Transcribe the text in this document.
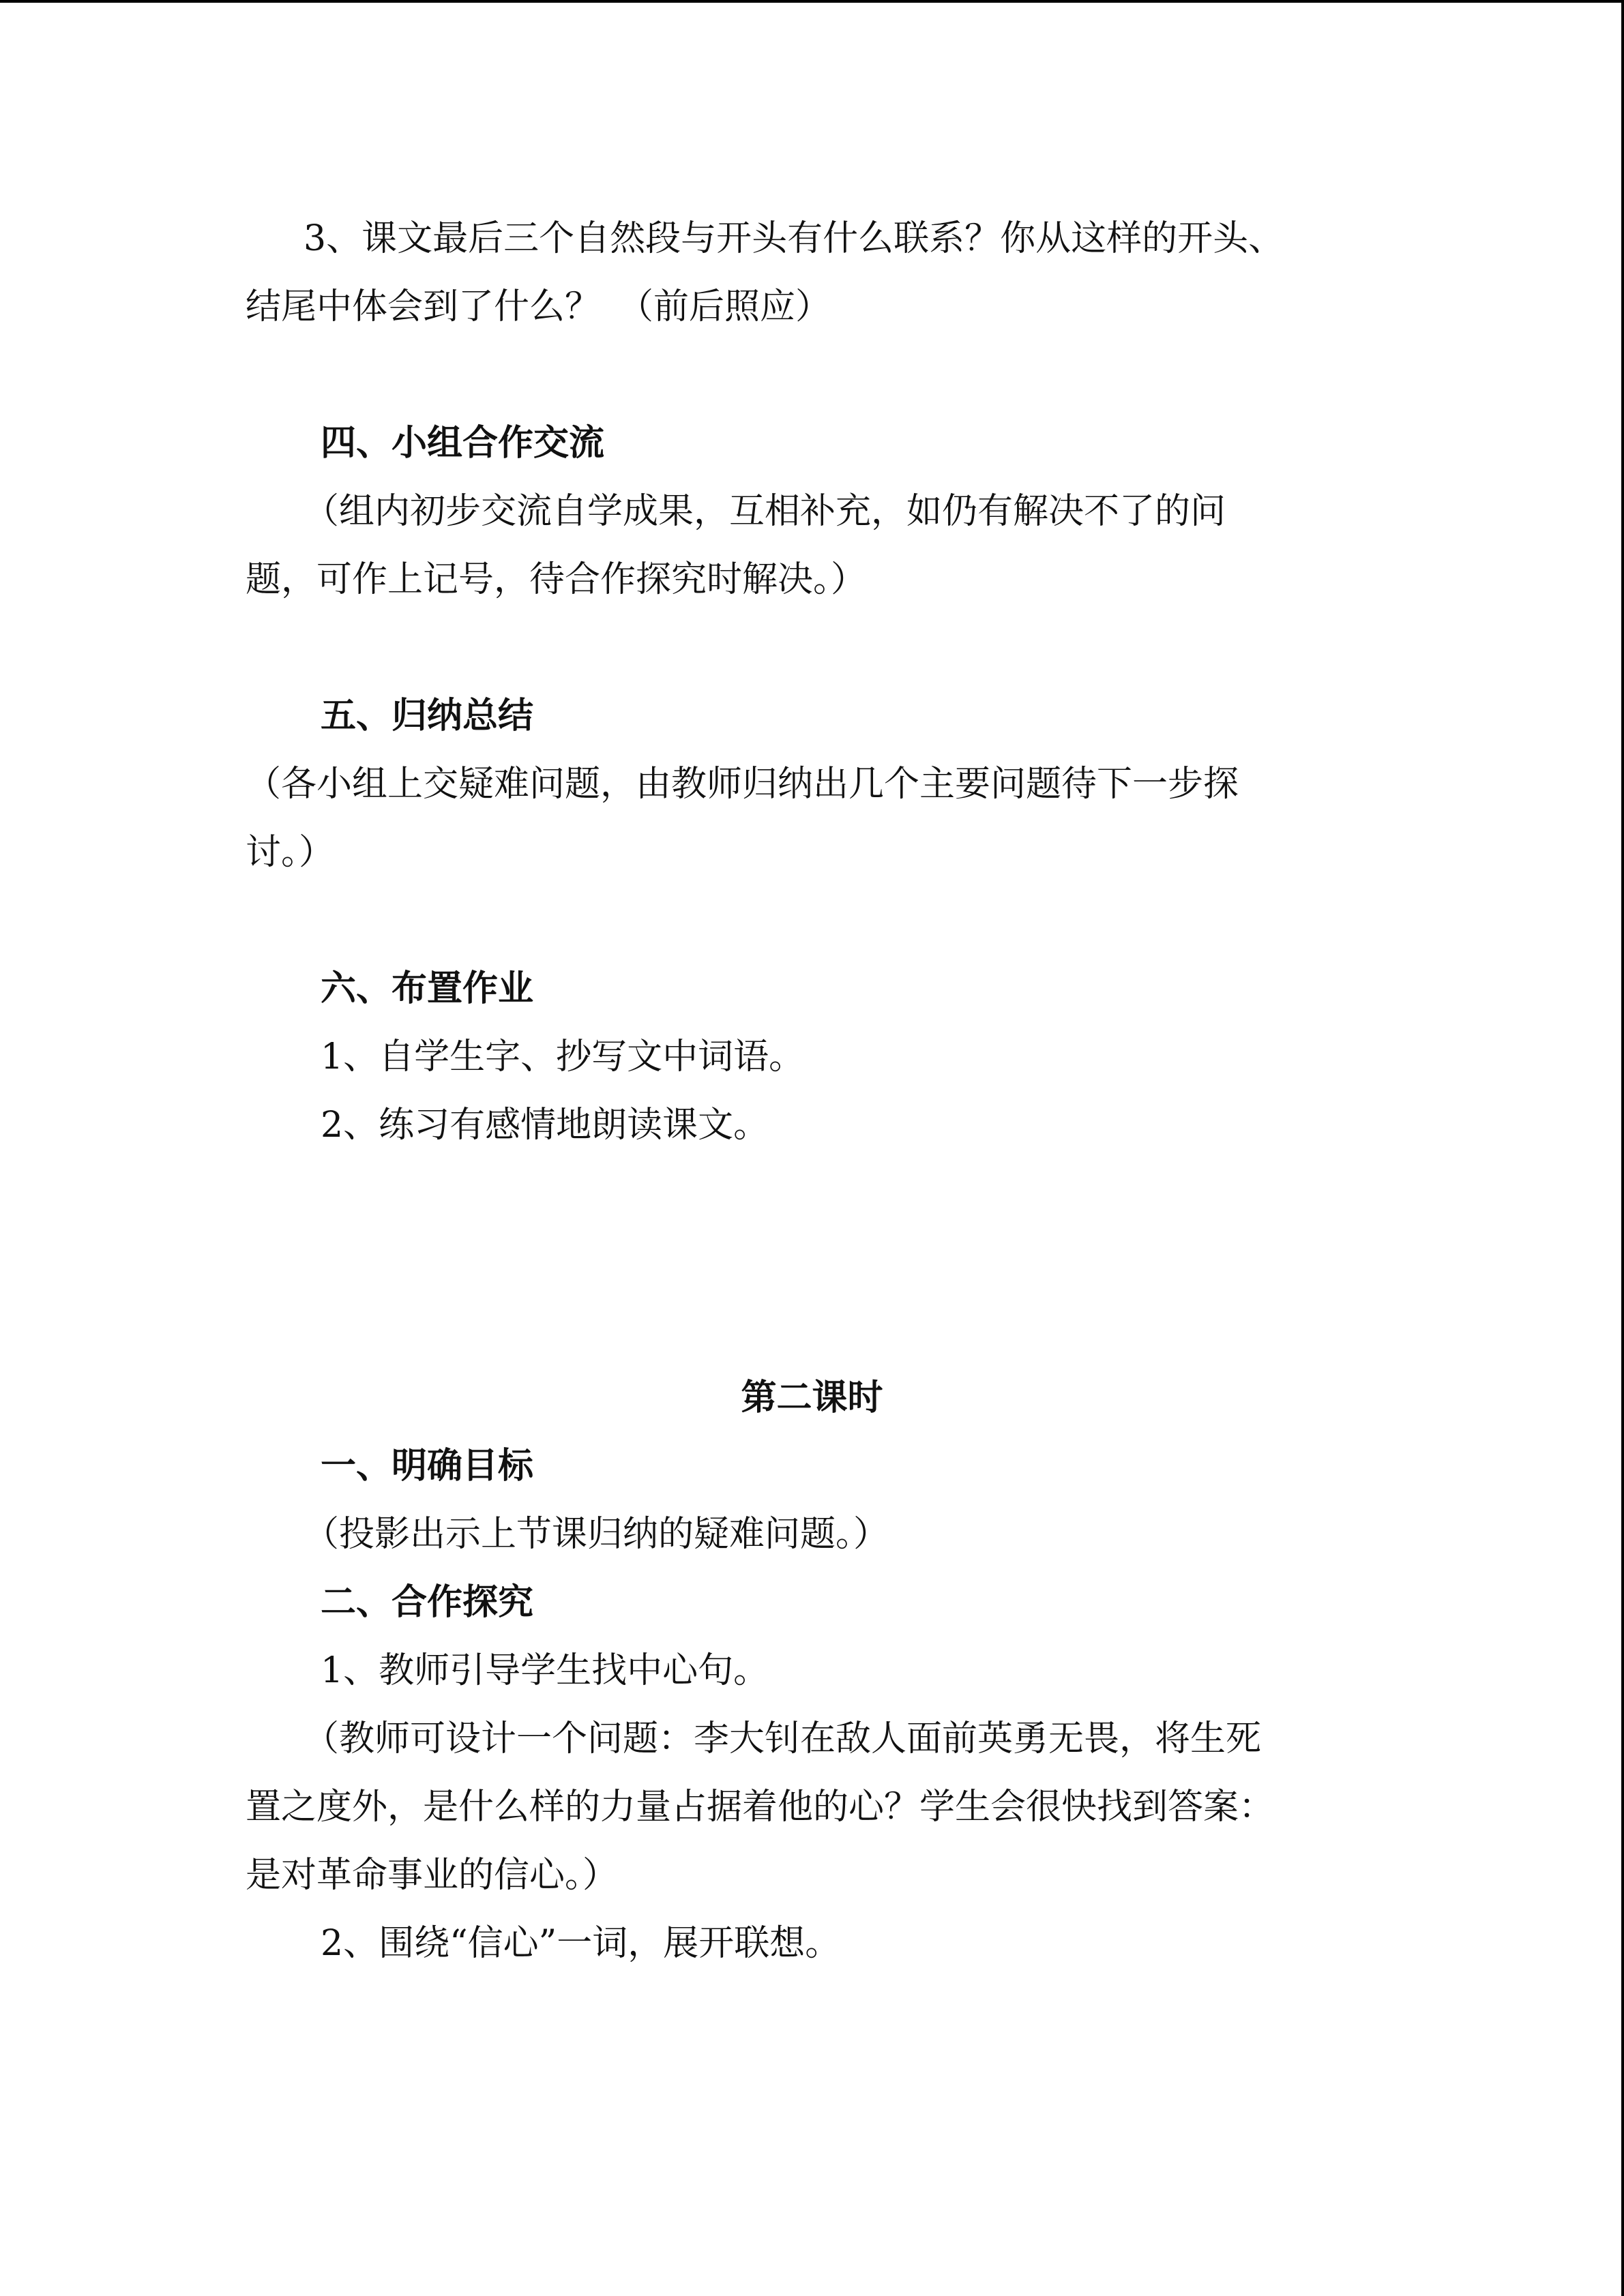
3、课文最后三个自然段与开头有什么联系？你从这样的开头、
结尾中体会到了什么？　（前后照应）
四、小组合作交流
（组内初步交流自学成果，互相补充，如仍有解决不了的问
题，可作上记号，待合作探究时解决。）
五、归纳总结
（各小组上交疑难问题，由教师归纳出几个主要问题待下一步探
讨。）
六、布置作业
1、自学生字、抄写文中词语。
2、练习有感情地朗读课文。
第二课时
一、明确目标
（投影出示上节课归纳的疑难问题。）
二、合作探究
1、教师引导学生找中心句。
（教师可设计一个问题：李大钊在敌人面前英勇无畏，将生死
置之度外，是什么样的力量占据着他的心？学生会很快找到答案：
是对革命事业的信心。）
2、围绕“信心”一词，展开联想。
